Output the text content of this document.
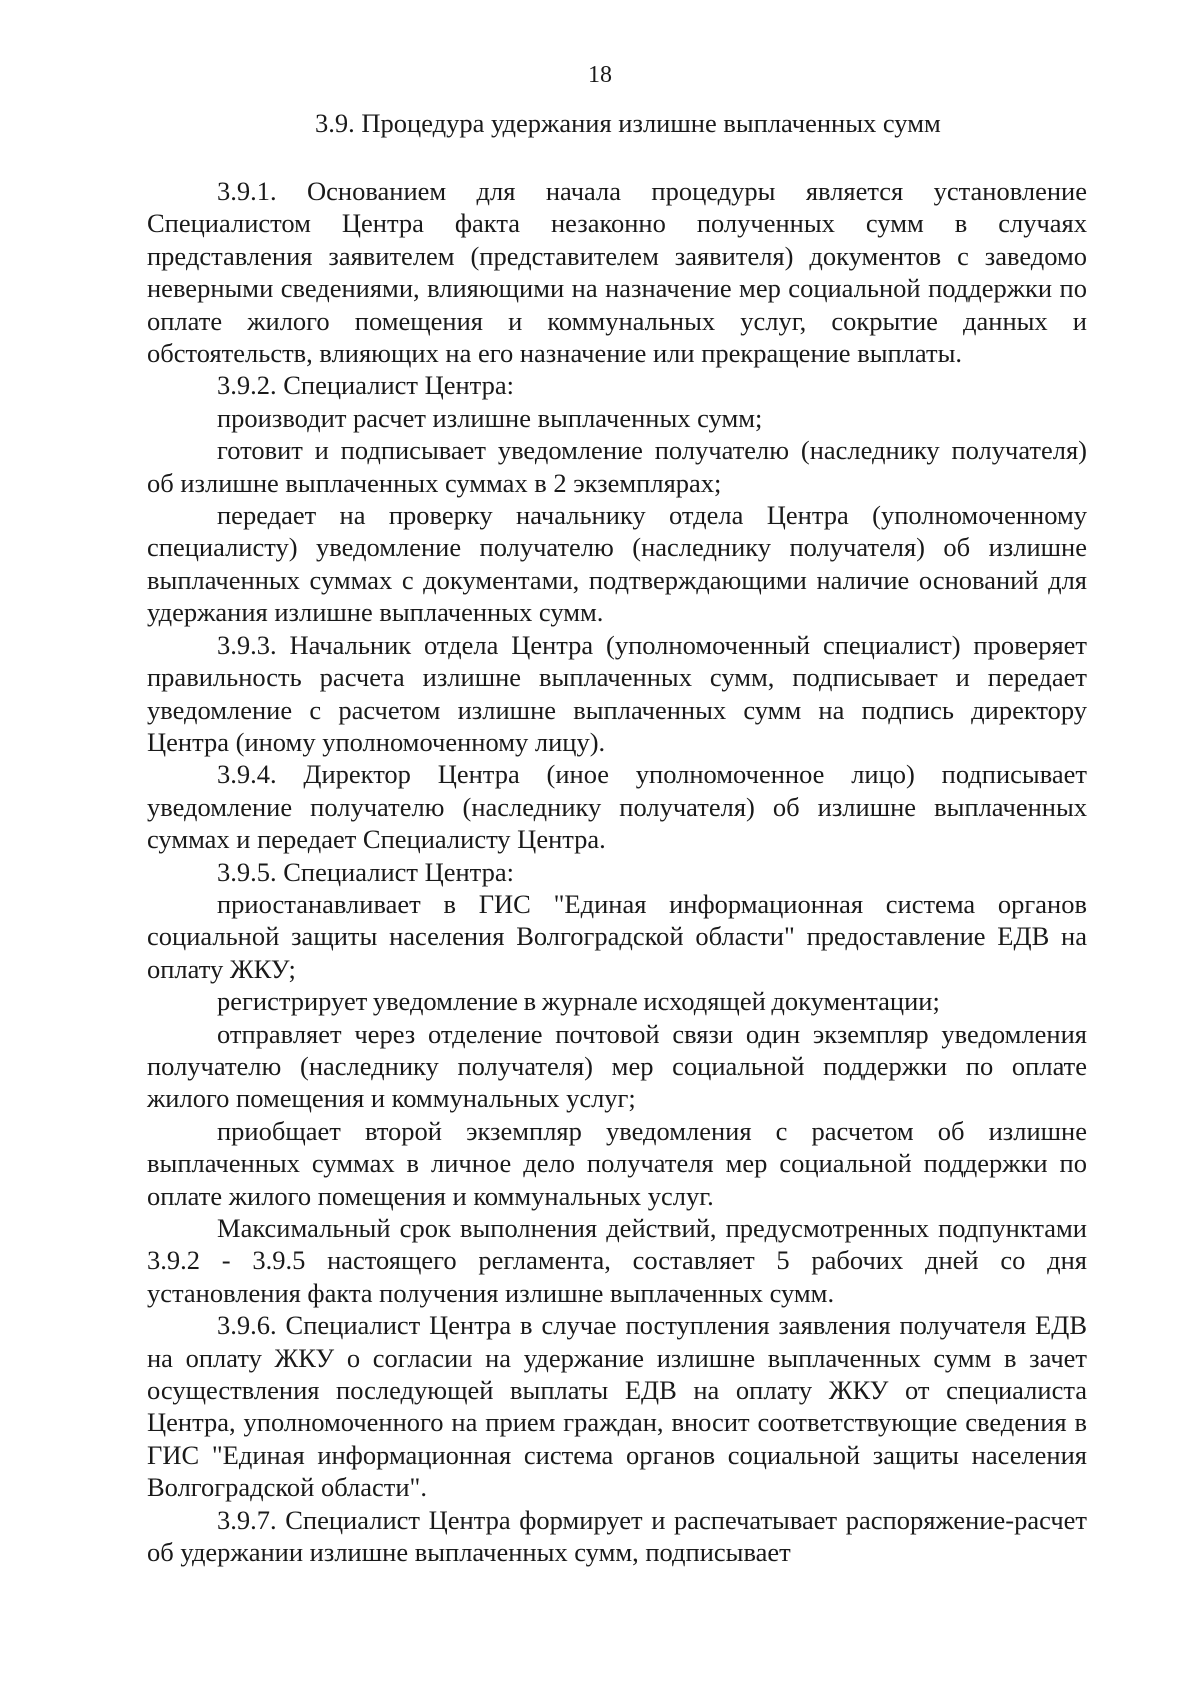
18
3.9. Процедура удержания излишне выплаченных сумм

3.9.1. Основанием для начала процедуры является установление Специалистом Центра факта незаконно полученных сумм в случаях представления заявителем (представителем заявителя) документов с заведомо неверными сведениями, влияющими на назначение мер социальной поддержки по оплате жилого помещения и коммунальных услуг, сокрытие данных и обстоятельств, влияющих на его назначение или прекращение выплаты.

3.9.2. Специалист Центра:

производит расчет излишне выплаченных сумм;

готовит и подписывает уведомление получателю (наследнику получателя) об излишне выплаченных суммах в 2 экземплярах;

передает на проверку начальнику отдела Центра (уполномоченному специалисту) уведомление получателю (наследнику получателя) об излишне выплаченных суммах с документами, подтверждающими наличие оснований для удержания излишне выплаченных сумм.

3.9.3. Начальник отдела Центра (уполномоченный специалист) проверяет правильность расчета излишне выплаченных сумм, подписывает и передает уведомление с расчетом излишне выплаченных сумм на подпись директору Центра (иному уполномоченному лицу).

3.9.4. Директор Центра (иное уполномоченное лицо) подписывает уведомление получателю (наследнику получателя) об излишне выплаченных суммах и передает Специалисту Центра.

3.9.5. Специалист Центра:

приостанавливает в ГИС "Единая информационная система органов социальной защиты населения Волгоградской области" предоставление ЕДВ на оплату ЖКУ;

регистрирует уведомление в журнале исходящей документации;

отправляет через отделение почтовой связи один экземпляр уведомления получателю (наследнику получателя) мер социальной поддержки по оплате жилого помещения и коммунальных услуг;

приобщает второй экземпляр уведомления с расчетом об излишне выплаченных суммах в личное дело получателя мер социальной поддержки по оплате жилого помещения и коммунальных услуг.

Максимальный срок выполнения действий, предусмотренных подпунктами 3.9.2 - 3.9.5 настоящего регламента, составляет 5 рабочих дней со дня установления факта получения излишне выплаченных сумм.

3.9.6. Специалист Центра в случае поступления заявления получателя ЕДВ на оплату ЖКУ о согласии на удержание излишне выплаченных сумм в зачет осуществления последующей выплаты ЕДВ на оплату ЖКУ от специалиста Центра, уполномоченного на прием граждан, вносит соответствующие сведения в ГИС "Единая информационная система органов социальной защиты населения Волгоградской области".

3.9.7. Специалист Центра формирует и распечатывает распоряжение-расчет об удержании излишне выплаченных сумм, подписывает
